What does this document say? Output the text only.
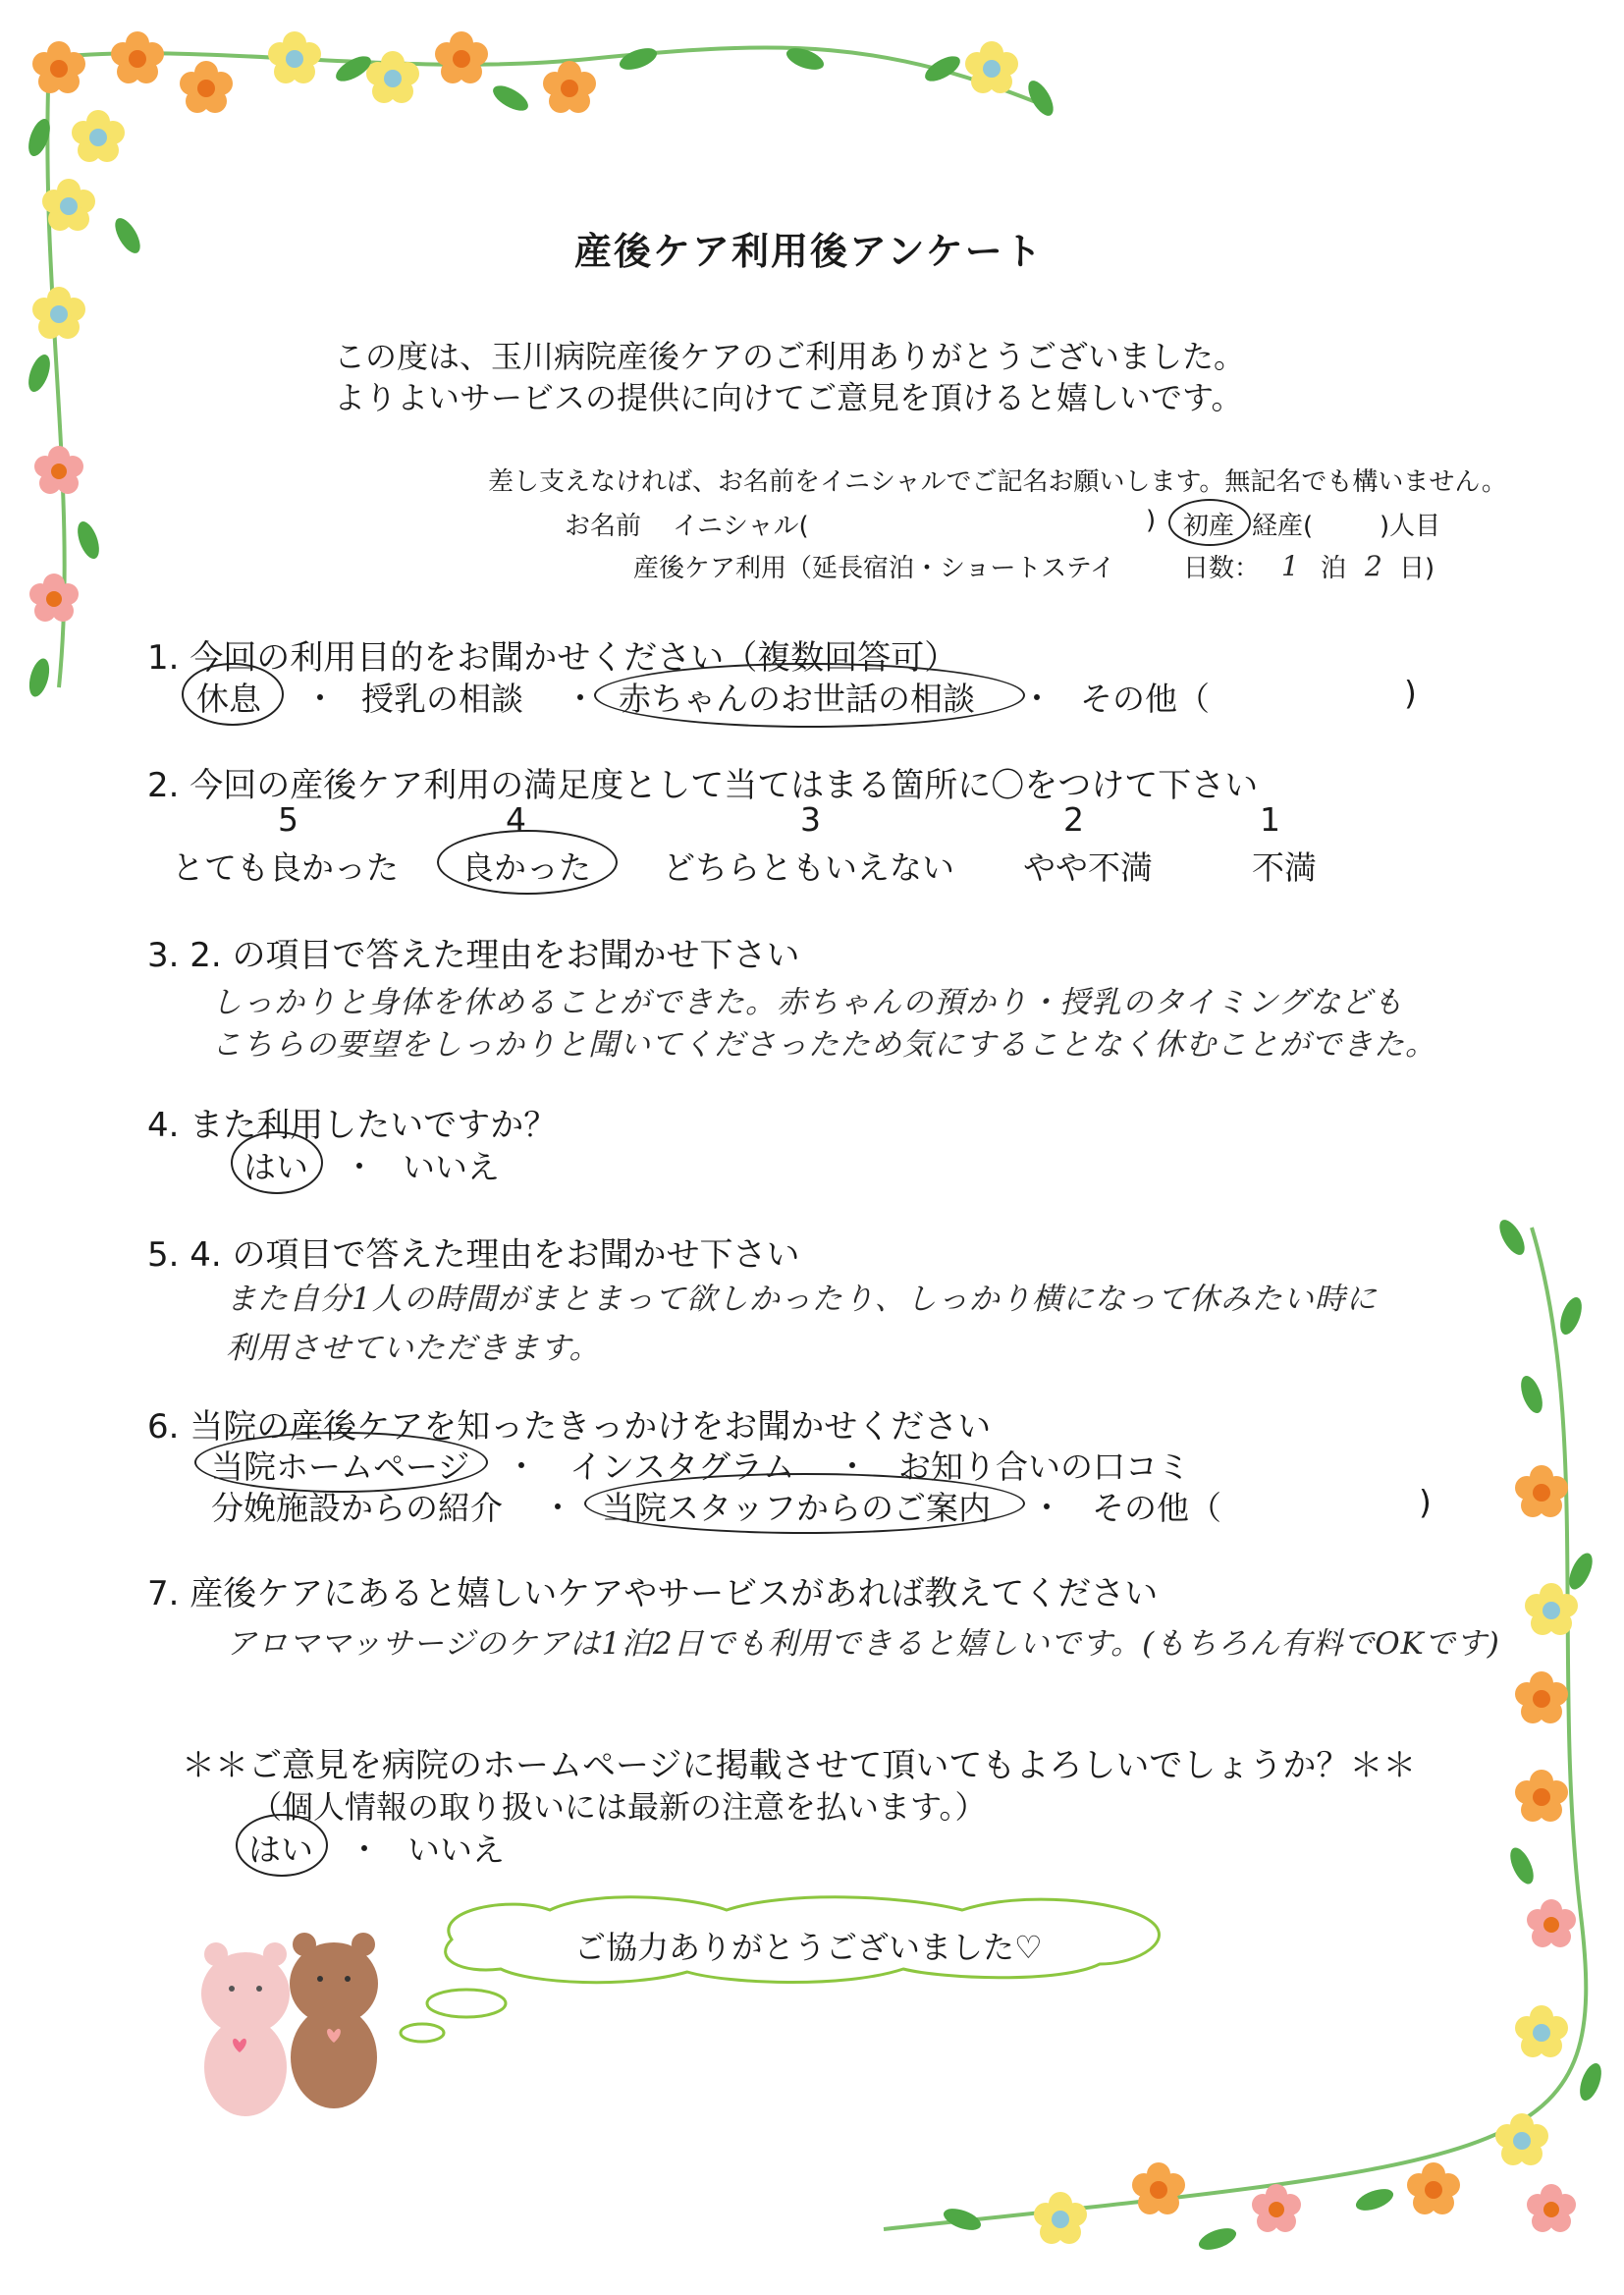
産後ケア利用後アンケート
この度は、玉川病院産後ケアのご利用ありがとうございました。
よりよいサービスの提供に向けてご意見を頂けると嬉しいです。
差し支えなければ、お名前をイニシャルでご記名お願いします。無記名でも構いません。
お名前 イニシャル(	) 初産 経産(	)人目
産後ケア利用（延長宿泊・ショートステイ	日数： 1 泊 2 日)
1. 今回の利用目的をお聞かせください（複数回答可）
休息 ・ 授乳の相談 ・ 赤ちゃんのお世話の相談 ・ その他（	)
2. 今回の産後ケア利用の満足度として当てはまる箇所に〇をつけて下さい
5	4	3	2	1
とても良かった 良かった どちらともいえない やや不満	不満
3. 2. の項目で答えた理由をお聞かせ下さい
しっかりと身体を休めることができた。赤ちゃんの預かり・授乳のタイミングなども
こちらの要望をしっかりと聞いてくださったため気にすることなく休むことができた。
4. また利用したいですか？
はい ・ いいえ
5. 4. の項目で答えた理由をお聞かせ下さい
また自分1人の時間がまとまって欲しかったり、しっかり横になって休みたい時に
利用させていただきます。
6. 当院の産後ケアを知ったきっかけをお聞かせください
当院ホームページ ・ インスタグラム ・ お知り合いの口コミ
分娩施設からの紹介 ・ 当院スタッフからのご案内 ・ その他（	)
7. 産後ケアにあると嬉しいケアやサービスがあれば教えてください
アロママッサージのケアは1泊2日でも利用できると嬉しいです。(もちろん有料でOKです)
＊＊ご意見を病院のホームページに掲載させて頂いてもよろしいでしょうか？＊＊
（個人情報の取り扱いには最新の注意を払います。）
はい ・ いいえ
ご協力ありがとうございました♡
